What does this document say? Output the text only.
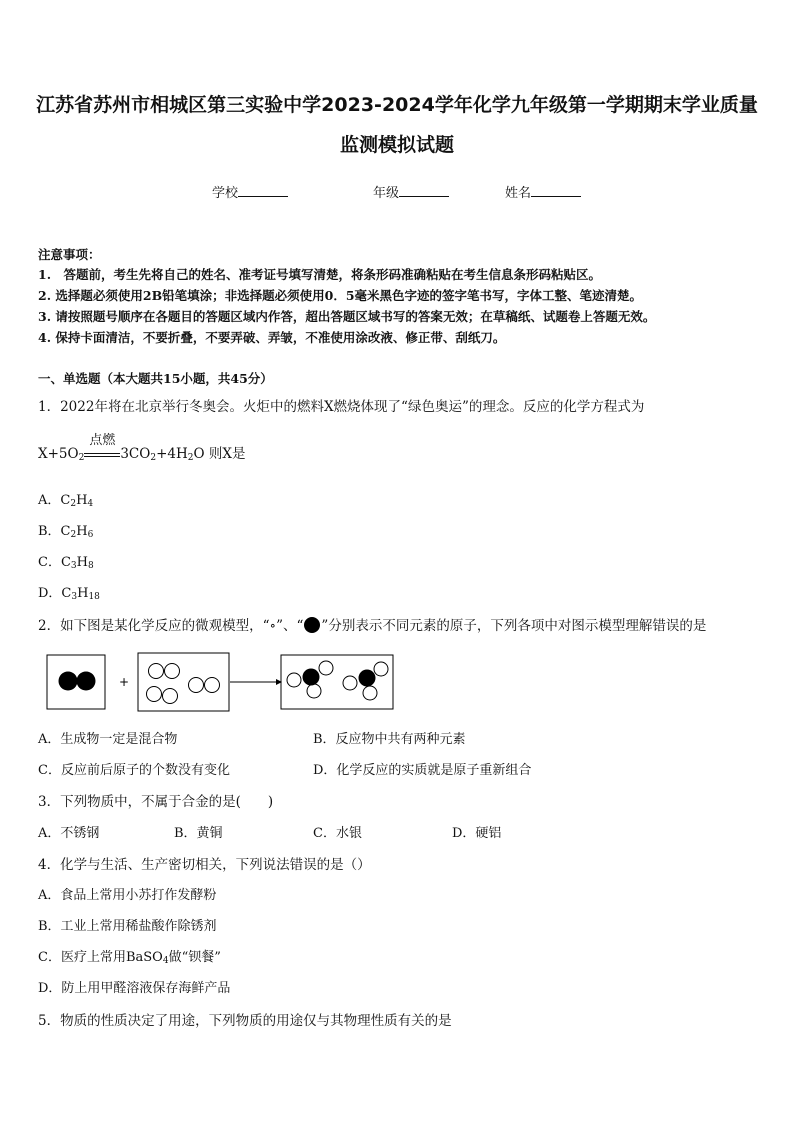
江苏省苏州市相城区第三实验中学2023-2024学年化学九年级第一学期期末学业质量
监测模拟试题
学校	年级	姓名
注意事项：
1.　答题前，考生先将自己的姓名、准考证号填写清楚，将条形码准确粘贴在考生信息条形码粘贴区。
2. 选择题必须使用2B铅笔填涂；非选择题必须使用0．5毫米黑色字迹的签字笔书写，字体工整、笔迹清楚。
3. 请按照题号顺序在各题目的答题区域内作答，超出答题区域书写的答案无效；在草稿纸、试题卷上答题无效。
4. 保持卡面清洁，不要折叠，不要弄破、弄皱，不准使用涂改液、修正带、刮纸刀。
一、单选题（本大题共15小题，共45分）
1．2022年将在北京举行冬奥会。火炬中的燃料X燃烧体现了“绿色奥运”的理念。反应的化学方程式为
$X+5O_2$
点燃
$3CO_2+4H_2O$ 则X是
A．$C_2H_4$
B．$C_2H_6$
C．$C_3H_8$
D．$C_3H_{18}$
2．如下图是某化学反应的微观模型，“∘”、“ ”分别表示不同元素的原子，下列各项中对图示模型理解错误的是
+
A．生成物一定是混合物	B．反应物中共有两种元素
C．反应前后原子的个数没有变化	D．化学反应的实质就是原子重新组合
3．下列物质中，不属于合金的是(　　)
A．不锈钢	B．黄铜	C．水银	D．硬铝
4．化学与生活、生产密切相关，下列说法错误的是（）
A．食品上常用小苏打作发酵粉
B．工业上常用稀盐酸作除锈剂
C．医疗上常用BaSO$_4$做“钡餐”
D．防上用甲醛溶液保存海鲜产品
5．物质的性质决定了用途，下列物质的用途仅与其物理性质有关的是
